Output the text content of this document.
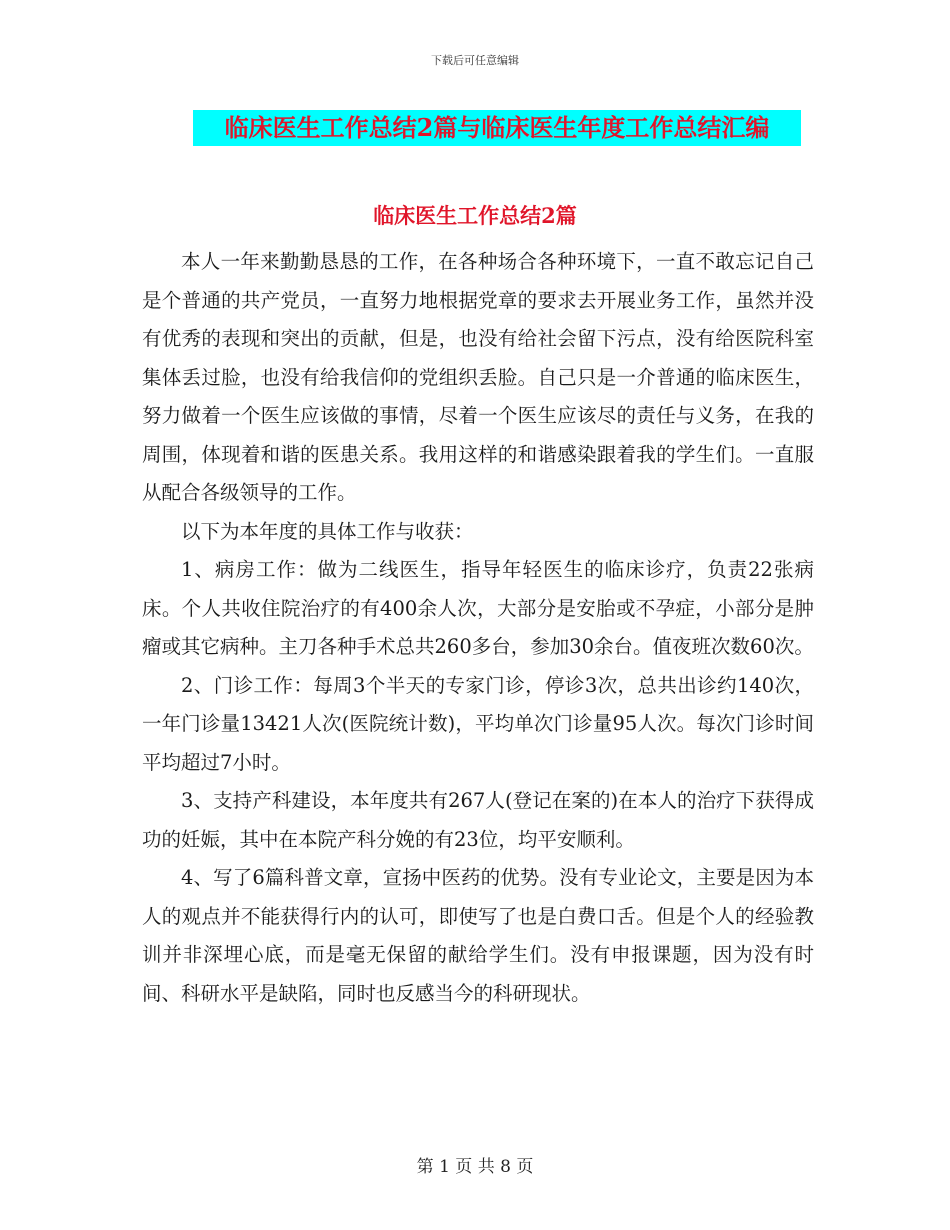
下载后可任意编辑
临床医生工作总结2篇与临床医生年度工作总结汇编
临床医生工作总结2篇

本人一年来勤勤恳恳的工作，在各种场合各种环境下，一直不敢忘记自己是个普通的共产党员，一直努力地根据党章的要求去开展业务工作，虽然并没有优秀的表现和突出的贡献，但是，也没有给社会留下污点，没有给医院科室集体丢过脸，也没有给我信仰的党组织丢脸。自己只是一介普通的临床医生，努力做着一个医生应该做的事情，尽着一个医生应该尽的责任与义务，在我的周围，体现着和谐的医患关系。我用这样的和谐感染跟着我的学生们。一直服从配合各级领导的工作。

以下为本年度的具体工作与收获：

1、病房工作：做为二线医生，指导年轻医生的临床诊疗，负责22张病床。个人共收住院治疗的有400余人次，大部分是安胎或不孕症，小部分是肿瘤或其它病种。主刀各种手术总共260多台，参加30余台。值夜班次数60次。

2、门诊工作：每周3个半天的专家门诊，停诊3次，总共出诊约140次，一年门诊量13421人次(医院统计数)，平均单次门诊量95人次。每次门诊时间平均超过7小时。

3、支持产科建设，本年度共有267人(登记在案的)在本人的治疗下获得成功的妊娠，其中在本院产科分娩的有23位，均平安顺利。

4、写了6篇科普文章，宣扬中医药的优势。没有专业论文，主要是因为本人的观点并不能获得行内的认可，即使写了也是白费口舌。但是个人的经验教训并非深埋心底，而是毫无保留的献给学生们。没有申报课题，因为没有时间、科研水平是缺陷，同时也反感当今的科研现状。

第 1 页 共 8 页
